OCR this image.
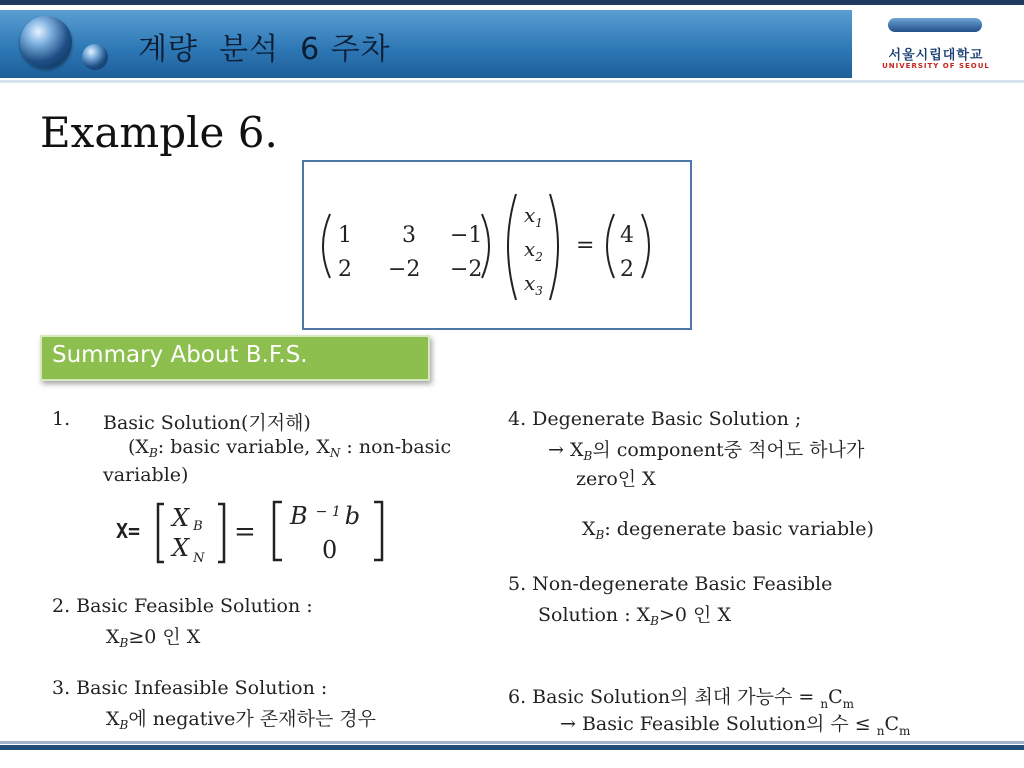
계량  분석  6 주차	서울시립대학교
UNIVERSITY OF SEOUL
Example 6.
1 3 −1
2 −2 −2
$x_1$
$x_2$
$x_3$
= 4
2
Summary About B.F.S.
1. Basic Solution(기저해)
($X_B$: basic variable, $X_N$ : non-basic
variable)
X= X B
X $_N$
=
B $^{- 1}$ b
0
2. Basic Feasible Solution :
$X_B\ge 0$ 인 X
3. Basic Infeasible Solution :
$X_B$에 negative가 존재하는 경우
4. Degenerate Basic Solution ;
→ $X_B$의 component중 적어도 하나가
zero인 X
$X_B$: degenerate basic variable)
5. Non-degenerate Basic Feasible
Solution : $X_B>0$ 인 X
6. Basic Solution의 최대 가능수 = $_nC_m$
→ Basic Feasible Solution의 수 ≤ $_nC_m$
